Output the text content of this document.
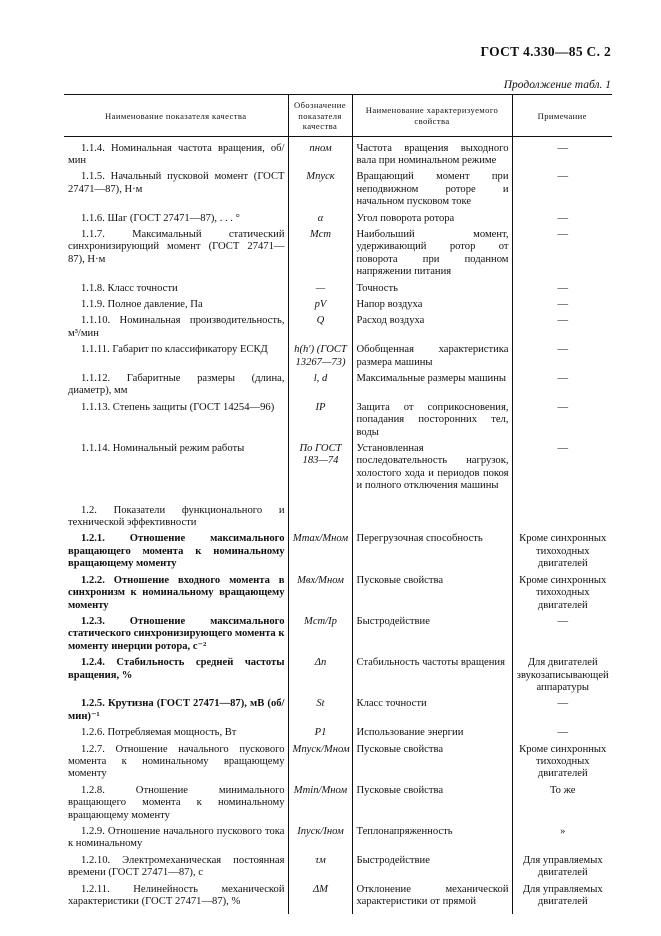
ГОСТ 4.330—85 С. 2
Продолжение табл. 1
Наименование показателя качества	Обозначение показателя качества	Наименование характеризуемого свойства	Примечание

1.1.4. Номинальная частота вращения, об/мин	nном	Частота вращения выходного вала при номинальном режиме	—

1.1.5. Начальный пусковой момент (ГОСТ 27471—87), Н·м	Mпуск	Вращающий момент при неподвижном роторе и начальном пусковом токе	—

1.1.6. Шаг (ГОСТ 27471—87), . . . °	α	Угол поворота ротора	—

1.1.7. Максимальный статический синхронизирующий момент (ГОСТ 27471—87), Н·м	Mст	Наибольший момент, удерживающий ротор от поворота при поданном напряжении питания	—

1.1.8. Класс точности	—	Точность	—

1.1.9. Полное давление, Па	pV	Напор воздуха	—

1.1.10. Номинальная производительность, м³/мин	Q	Расход воздуха	—

1.1.11. Габарит по классификатору ЕСКД	h(h′) (ГОСТ 13267—73)	Обобщенная характеристика размера машины	—

1.1.12. Габаритные размеры (длина, диаметр), мм	l, d	Максимальные размеры машины	—

1.1.13. Степень защиты (ГОСТ 14254—96)	IP	Защита от соприкосновения, попадания посторонних тел, воды	—

1.1.14. Номинальный режим работы	По ГОСТ 183—74	Установленная последовательность нагрузок, холостого хода и периодов покоя и полного отключения машины	—

1.2. Показатели функционального и технической эффективности			

1.2.1. Отношение максимального вращающего момента к номинальному вращающему моменту	Mmax/Mном	Перегрузочная способность	Кроме синхронных тихоходных двигателей

1.2.2. Отношение входного момента в синхронизм к номинальному вращающему моменту	Mвх/Mном	Пусковые свойства	Кроме синхронных тихоходных двигателей

1.2.3. Отношение максимального статического синхронизирующего момента к моменту инерции ротора, с⁻²	Mст/Ip	Быстродействие	—

1.2.4. Стабильность средней частоты вращения, %	Δn	Стабильность частоты вращения	Для двигателей звукозаписывающей аппаратуры

1.2.5. Крутизна (ГОСТ 27471—87), мВ (об/мин)⁻¹	St	Класс точности	—

1.2.6. Потребляемая мощность, Вт	P1	Использование энергии	—

1.2.7. Отношение начального пускового момента к номинальному вращающему моменту	Mпуск/Mном	Пусковые свойства	Кроме синхронных тихоходных двигателей

1.2.8. Отношение минимального вращающего момента к номинальному вращающему моменту	Mmin/Mном	Пусковые свойства	То же

1.2.9. Отношение начального пускового тока к номинальному	Iпуск/Iном	Теплонапряженность	»

1.2.10. Электромеханическая постоянная времени (ГОСТ 27471—87), с	τм	Быстродействие	Для управляемых двигателей

1.2.11. Нелинейность механической характеристики (ГОСТ 27471—87), %	ΔM	Отклонение механической характеристики от прямой	Для управляемых двигателей
